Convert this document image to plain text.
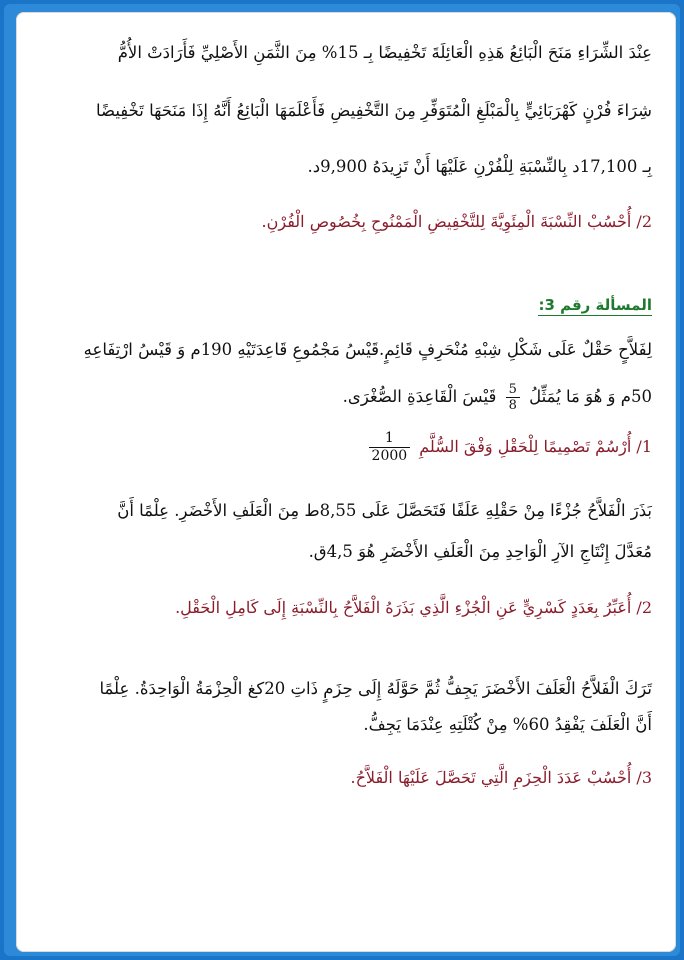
عِنْدَ الشِّرَاءِ مَنَحَ الْبَائِعُ هَذِهِ الْعَائِلَةَ تَخْفِيضًا بِـ 15% مِنَ الثَّمَنِ الأَصْلِيِّ فَأَرَادَتْ الأُمُّ
شِرَاءَ فُرْنٍ كَهْرَبَائِيٍّ بِالْمَبْلَغِ الْمُتَوَفِّرِ مِنَ التَّخْفِيضِ فَأَعْلَمَهَا الْبَائِعُ أَنَّهُ إِذَا مَنَحَهَا تَخْفِيضًا
بِـ 17,100د بِالنِّسْبَةِ لِلْفُرْنِ عَلَيْهَا أَنْ تَزِيدَهُ 9,900د.
2/ أُحْسُبْ النِّسْبَةَ الْمِئَوِيَّةَ لِلتَّخْفِيضِ الْمَمْنُوحِ بِخُصُوصِ الْفُرْنِ.
المسألة رقم 3:
لِفَلاَّحٍ حَقْلٌ عَلَى شَكْلِ شِبْهِ مُنْحَرِفٍ قَائِمٍ.قَيْسُ مَجْمُوعِ قَاعِدَتَيْهِ 190م وَ قَيْسُ ارْتِفَاعِهِ
50م وَ هُوَ مَا يُمَثِّلُ
$\frac{5}{8}$
قَيْسَ الْقَاعِدَةِ الصُّغْرَى.
1/ أُرْسُمْ تَصْمِيمًا لِلْحَقْلِ وَفْقَ السُّلَّمِ
$\frac{1}{2000}$
بَذَرَ الْفَلاَّحُ جُزْءًا مِنْ حَقْلِهِ عَلَفًا فَتَحَصَّلَ عَلَى 8,55ط مِنَ الْعَلَفِ الأَخْضَرِ. عِلْمًا أَنَّ
مُعَدَّلَ إِنْتَاجِ الآرِ الْوَاحِدِ مِنَ الْعَلَفِ الأَخْضَرِ هُوَ 4,5ق.
2/ أُعَبِّرُ بِعَدَدٍ كَسْرِيٍّ عَنِ الْجُزْءِ الَّذِي بَذَرَهُ الْفَلاَّحُ بِالنِّسْبَةِ إِلَى كَامِلِ الْحَقْلِ.
تَرَكَ الْفَلاَّحُ الْعَلَفَ الأَخْضَرَ يَجِفُّ ثُمَّ حَوَّلَهُ إِلَى حِزَمٍ ذَاتِ 20كغ الْحِزْمَةُ الْوَاحِدَةُ. عِلْمًا
أَنَّ الْعَلَفَ يَفْقِدُ 60% مِنْ كُتْلَتِهِ عِنْدَمَا يَجِفُّ.
3/ أُحْسُبْ عَدَدَ الْحِزَمِ الَّتِي تَحَصَّلَ عَلَيْهَا الْفَلاَّحُ.
